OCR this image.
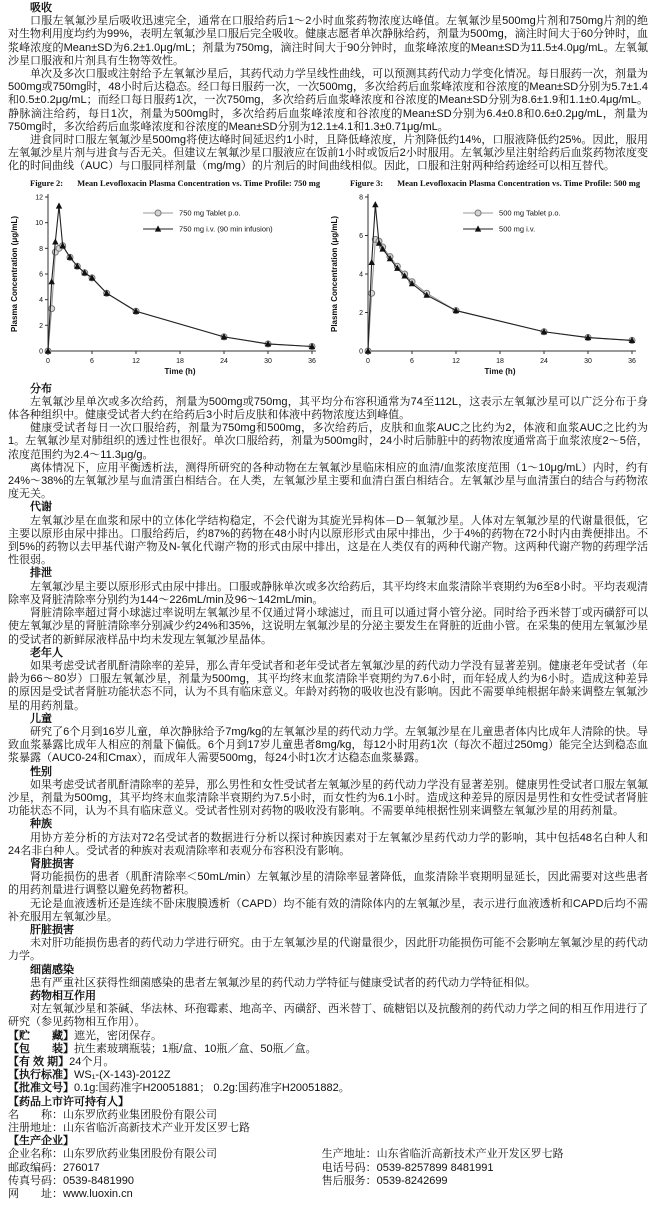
吸收

口服左氧氟沙星后吸收迅速完全，通常在口服给药后1～2小时血浆药物浓度达峰值。左氧氟沙星500mg片剂和750mg片剂的绝对生物利用度均约为99%，表明左氧氟沙星口服后完全吸收。健康志愿者单次静脉给药，剂量为500mg，滴注时间大于60分钟时，血浆峰浓度的Mean±SD为6.2±1.0μg/mL；剂量为750mg，滴注时间大于90分钟时，血浆峰浓度的Mean±SD为11.5±4.0μg/mL。左氧氟沙星口服液和片剂具有生物等效性。

单次及多次口服或注射给予左氧氟沙星后，其药代动力学呈线性曲线，可以预测其药代动力学变化情况。每日服药一次，剂量为500mg或750mg时，48小时后达稳态。经口每日服药一次，一次500mg，多次给药后血浆峰浓度和谷浓度的Mean±SD分别为5.7±1.4和0.5±0.2μg/mL；而经口每日服药1次，一次750mg，多次给药后血浆峰浓度和谷浓度的Mean±SD分别为8.6±1.9和1.1±0.4μg/mL。静脉滴注给药，每日1次，剂量为500mg时，多次给药后血浆峰浓度和谷浓度的Mean±SD分别为6.4±0.8和0.6±0.2μg/mL，剂量为750mg时，多次给药后血浆峰浓度和谷浓度的Mean±SD分别为12.1±4.1和1.3±0.71μg/mL。

进食同时口服左氧氟沙星500mg将使达峰时间延迟约1小时，且降低峰浓度，片剂降低约14%，口服液降低约25%。因此，服用左氧氟沙星片剂与进食与否无关。但建议左氧氟沙星口服液应在饭前1小时或饭后2小时服用。左氧氟沙星注射给药后血浆药物浓度变化的时间曲线（AUC）与口服同样剂量（mg/mg）的片剂后的时间曲线相似。因此，口服和注射两种给药途经可以相互替代。

Figure 2: Mean Levofloxacin Plasma Concentration vs. Time Profile: 750 mg
0
2
4
6
8
10
12
0	6	12	18	24	30	36
Time (h)
Plasma Concentration (μg/mL)
750 mg Tablet p.o.
750 mg i.v. (90 min infusion)
Figure 3: Mean Levofloxacin Plasma Concentration vs. Time Profile: 500 mg
0
2
4
6
8
0	6	12	18	24	30	36
Time (h)
Plasma Concentration (μg/mL)
500 mg Tablet p.o.
500 mg i.v.
分布

左氧氟沙星单次或多次给药，剂量为500mg或750mg，其平均分布容积通常为74至112L，这表示左氧氟沙星可以广泛分布于身体各种组织中。健康受试者大约在给药后3小时后皮肤和体液中药物浓度达到峰值。

健康受试者每日一次口服给药，剂量为750mg和500mg，多次给药后，皮肤和血浆AUC之比约为2，体液和血浆AUC之比约为1。左氧氟沙星对肺组织的透过性也很好。单次口服给药，剂量为500mg时，24小时后肺脏中的药物浓度通常高于血浆浓度2～5倍，浓度范围约为2.4～11.3μg/g。

离体情况下，应用平衡透析法，测得所研究的各种动物在左氧氟沙星临床相应的血清/血浆浓度范围（1～10μg/mL）内时，约有24%～38%的左氧氟沙星与血清蛋白相结合。在人类，左氧氟沙星主要和血清白蛋白相结合。左氧氟沙星与血清蛋白的结合与药物浓度无关。

代谢

左氧氟沙星在血浆和尿中的立体化学结构稳定，不会代谢为其旋光异构体－D－氧氟沙星。人体对左氧氟沙星的代谢量很低，它主要以原形由尿中排出。口服给药后，约87%的药物在48小时内以原形形式由尿中排出，少于4%的药物在72小时内由粪便排出。不到5%的药物以去甲基代谢产物及N-氧化代谢产物的形式由尿中排出，这是在人类仅有的两种代谢产物。这两种代谢产物的药理学活性很弱。

排泄

左氧氟沙星主要以原形形式由尿中排出。口服或静脉单次或多次给药后，其平均终末血浆清除半衰期约为6至8小时。平均表观清除率及肾脏清除率分别约为144～226mL/min及96～142mL/min。

肾脏清除率超过肾小球滤过率说明左氧氟沙星不仅通过肾小球滤过，而且可以通过肾小管分泌。同时给予西米替丁或丙磺舒可以使左氧氟沙星的肾脏清除率分别减少约24%和35%，这说明左氧氟沙星的分泌主要发生在肾脏的近曲小管。在采集的使用左氧氟沙星的受试者的新鲜尿液样品中均未发现左氧氟沙星晶体。

老年人

如果考虑受试者肌酐清除率的差异，那么青年受试者和老年受试者左氧氟沙星的药代动力学没有显著差别。健康老年受试者（年龄为66～80岁）口服左氧氟沙星，剂量为500mg，其平均终末血浆清除半衰期约为7.6小时，而年轻成人约为6小时。造成这种差异的原因是受试者肾脏功能状态不同，认为不具有临床意义。年龄对药物的吸收也没有影响。因此不需要单纯根据年龄来调整左氧氟沙星的用药剂量。

儿童

研究了6个月到16岁儿童，单次静脉给予7mg/kg的左氧氟沙星的药代动力学。左氧氟沙星在儿童患者体内比成年人清除的快。导致血浆暴露比成年人相应的剂量下偏低。6个月到17岁儿童患者8mg/kg，每12小时用药1次（每次不超过250mg）能完全达到稳态血浆暴露（AUC0-24和Cmax），而成年人需要500mg，每24小时1次才达稳态血浆暴露。

性别

如果考虑受试者肌酐清除率的差异，那么男性和女性受试者左氧氟沙星的药代动力学没有显著差别。健康男性受试者口服左氧氟沙星，剂量为500mg，其平均终末血浆清除半衰期约为7.5小时，而女性约为6.1小时。造成这种差异的原因是男性和女性受试者肾脏功能状态不同，认为不具有临床意义。受试者性别对药物的吸收没有影响。不需要单纯根据性别来调整左氧氟沙星的用药剂量。

种族

用协方差分析的方法对72名受试者的数据进行分析以探讨种族因素对于左氧氟沙星药代动力学的影响，其中包括48名白种人和24名非白种人。受试者的种族对表观清除率和表观分布容积没有影响。

肾脏损害

肾功能损伤的患者（肌酐清除率＜50mL/min）左氧氟沙星的清除率显著降低，血浆清除半衰期明显延长，因此需要对这些患者的用药剂量进行调整以避免药物蓄积。

无论是血液透析还是连续不卧床腹膜透析（CAPD）均不能有效的清除体内的左氧氟沙星，表示进行血液透析和CAPD后均不需补充服用左氧氟沙星。

肝脏损害

未对肝功能损伤患者的药代动力学进行研究。由于左氧氟沙星的代谢量很少，因此肝功能损伤可能不会影响左氧氟沙星的药代动力学。

细菌感染

患有严重社区获得性细菌感染的患者左氧氟沙星的药代动力学特征与健康受试者的药代动力学特征相似。

药物相互作用

对左氧氟沙星和茶碱、华法林、环孢霉素、地高辛、丙磺舒、西米替丁、硫糖铝以及抗酸剂的药代动力学之间的相互作用进行了研究（参见药物相互作用）。

【贮　　藏】遮光，密闭保存。

【包　　装】抗生素玻璃瓶装；1瓶/盒、10瓶／盒、50瓶／盒。

【有 效 期】24个月。

【执行标准】WS₁-(X-143)-2012Z

【批准文号】0.1g:国药准字H20051881； 0.2g:国药准字H20051882。

【药品上市许可持有人】

名　　称：山东罗欣药业集团股份有限公司

注册地址：山东省临沂高新技术产业开发区罗七路

【生产企业】

企业名称：山东罗欣药业集团股份有限公司

邮政编码：276017

传真号码：0539-8481990

网　　址：www.luoxin.cn

生产地址：山东省临沂高新技术产业开发区罗七路

电话号码：0539-8257899 8481991

售后服务：0539-8242699
